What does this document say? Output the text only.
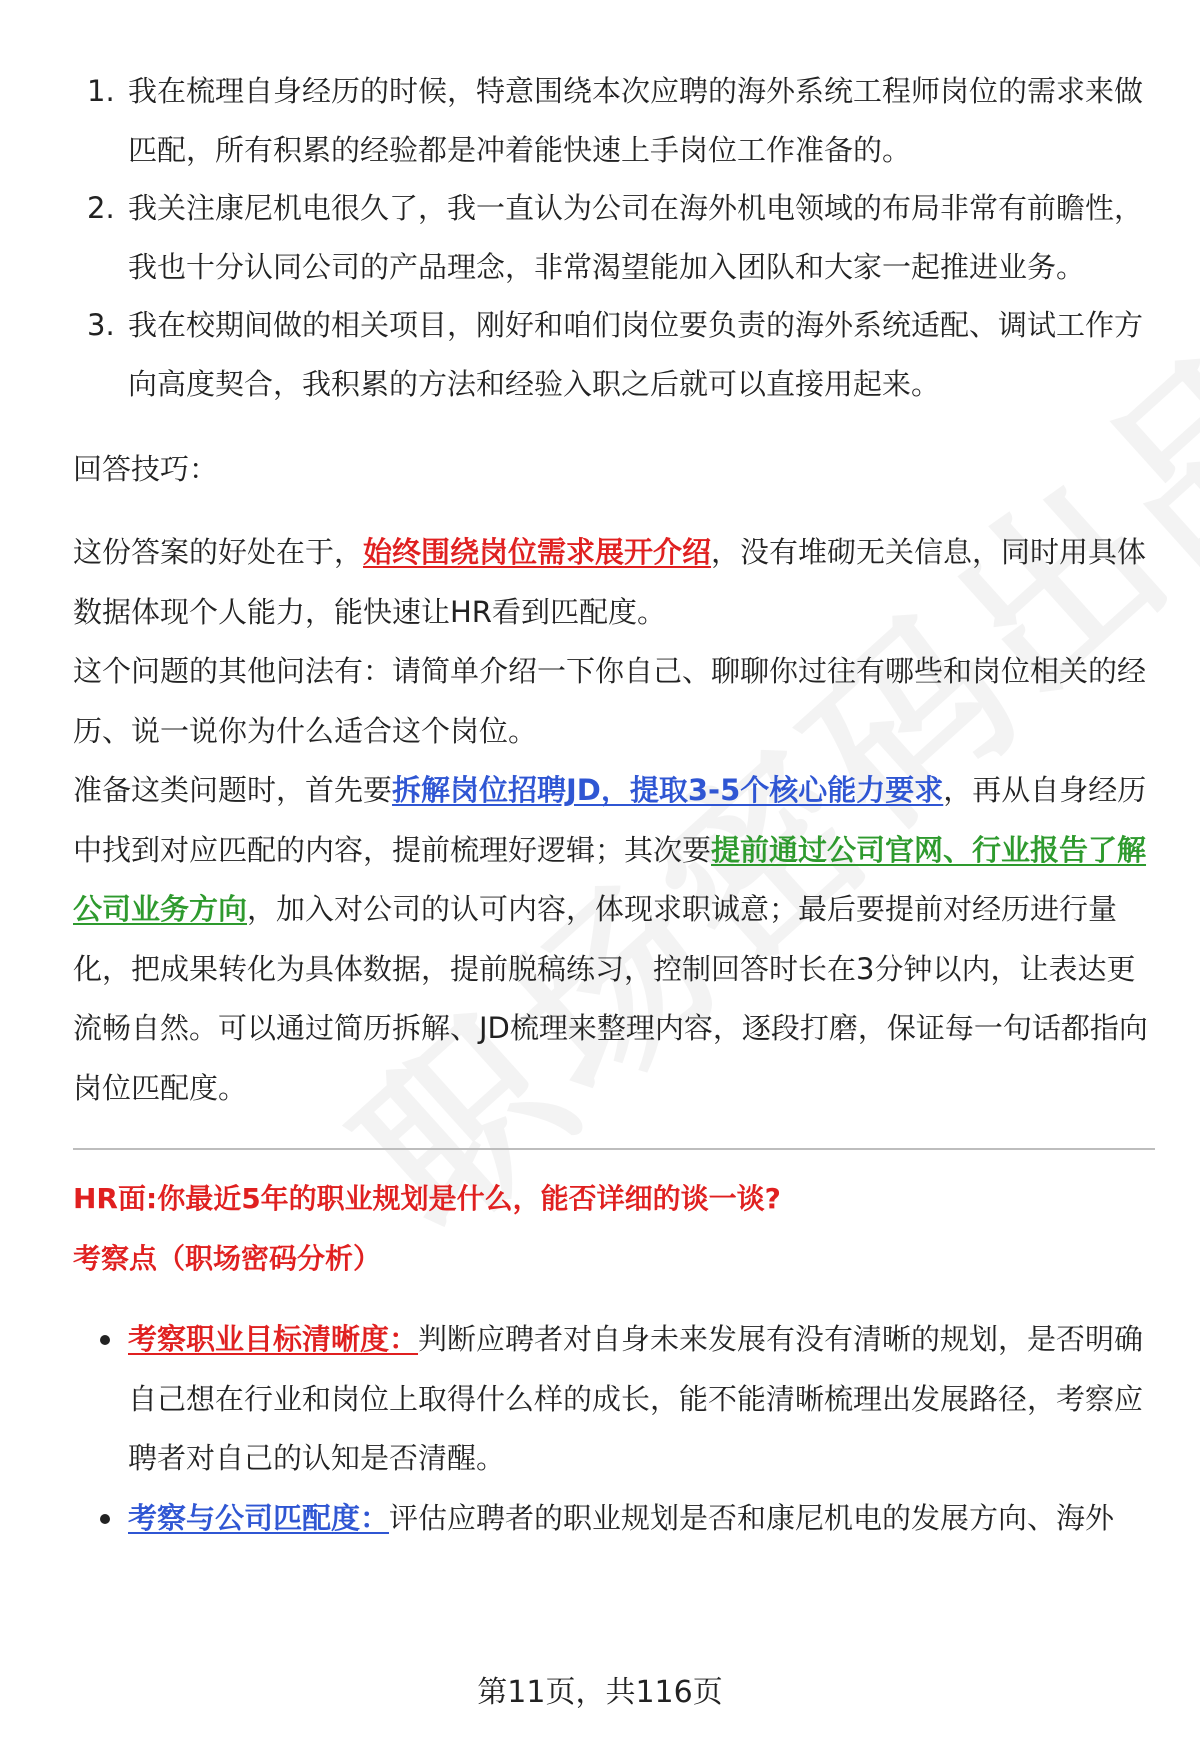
1. 我在梳理自身经历的时候，特意围绕本次应聘的海外系统工程师岗位的需求来做匹配，所有积累的经验都是冲着能快速上手岗位工作准备的。
2. 我关注康尼机电很久了，我一直认为公司在海外机电领域的布局非常有前瞻性，我也十分认同公司的产品理念，非常渴望能加入团队和大家一起推进业务。
3. 我在校期间做的相关项目，刚好和咱们岗位要负责的海外系统适配、调试工作方向高度契合，我积累的方法和经验入职之后就可以直接用起来。

回答技巧：

这份答案的好处在于，始终围绕岗位需求展开介绍，没有堆砌无关信息，同时用具体数据体现个人能力，能快速让HR看到匹配度。

这个问题的其他问法有：请简单介绍一下你自己、聊聊你过往有哪些和岗位相关的经历、说一说你为什么适合这个岗位。

准备这类问题时，首先要拆解岗位招聘JD，提取3-5个核心能力要求，再从自身经历中找到对应匹配的内容，提前梳理好逻辑；其次要提前通过公司官网、行业报告了解公司业务方向，加入对公司的认可内容，体现求职诚意；最后要提前对经历进行量化，把成果转化为具体数据，提前脱稿练习，控制回答时长在3分钟以内，让表达更流畅自然。可以通过简历拆解、JD梳理来整理内容，逐段打磨，保证每一句话都指向岗位匹配度。

HR面:你最近5年的职业规划是什么，能否详细的谈一谈?

考察点（职场密码分析）

考察职业目标清晰度：判断应聘者对自身未来发展有没有清晰的规划，是否明确自己想在行业和岗位上取得什么样的成长，能不能清晰梳理出发展路径，考察应聘者对自己的认知是否清醒。
考察与公司匹配度：评估应聘者的职业规划是否和康尼机电的发展方向、海外
第11页，共116页
